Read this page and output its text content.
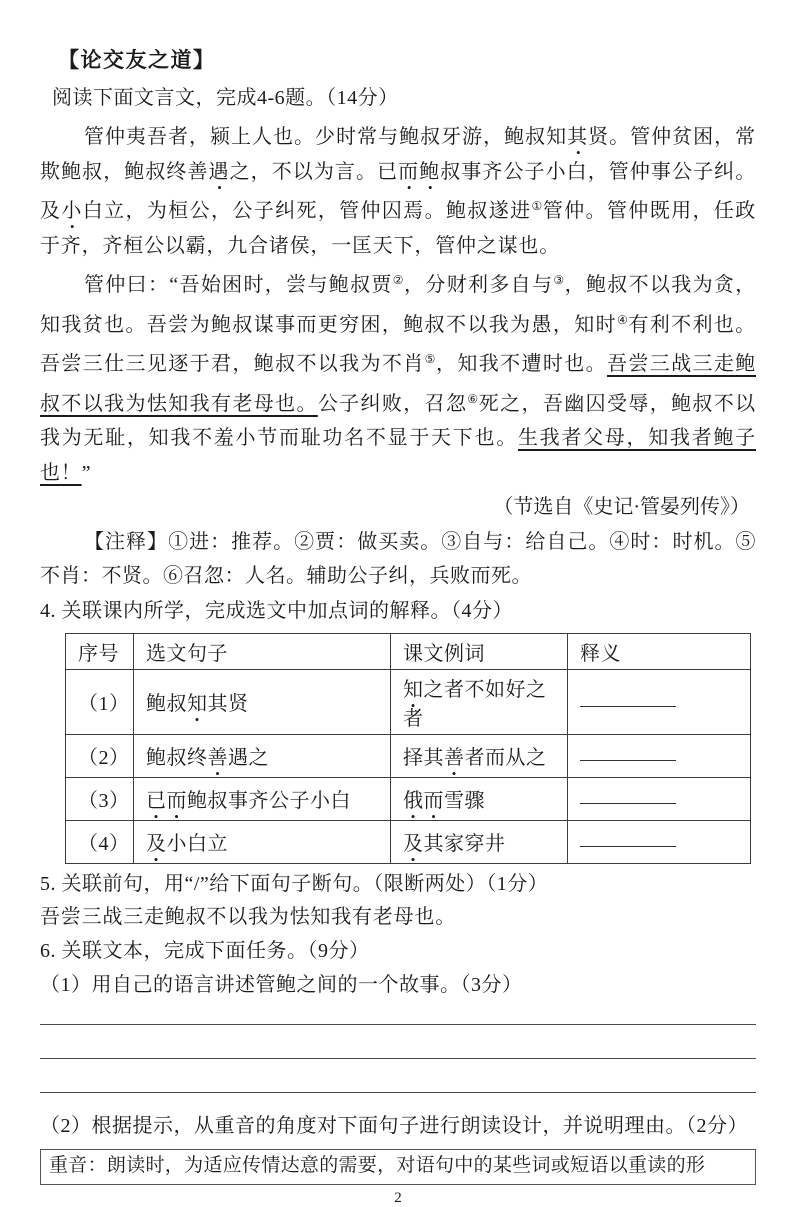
【论交友之道】

阅读下面文言文，完成4-6题。（14分）

管仲夷吾者，颍上人也。少时常与鲍叔牙游，鲍叔知其贤。管仲贫困，常欺鲍叔，鲍叔终善遇之，不以为言。已而鲍叔事齐公子小白，管仲事公子纠。及小白立，为桓公，公子纠死，管仲囚焉。鲍叔遂进①管仲。管仲既用，任政于齐，齐桓公以霸，九合诸侯，一匡天下，管仲之谋也。

管仲曰：“吾始困时，尝与鲍叔贾②，分财利多自与③，鲍叔不以我为贪，知我贫也。吾尝为鲍叔谋事而更穷困，鲍叔不以我为愚，知时④有利不利也。吾尝三仕三见逐于君，鲍叔不以我为不肖⑤，知我不遭时也。吾尝三战三走鲍叔不以我为怯知我有老母也。公子纠败，召忽⑥死之，吾幽囚受辱，鲍叔不以我为无耻，知我不羞小节而耻功名不显于天下也。生我者父母，知我者鲍子也！”

（节选自《史记·管晏列传》）

【注释】①进：推荐。②贾：做买卖。③自与：给自己。④时：时机。⑤不肖：不贤。⑥召忽：人名。辅助公子纠，兵败而死。

4. 关联课内所学，完成选文中加点词的解释。（4分）

序号	选文句子	课文例词	释义
（1）	鲍叔知其贤	知之者不如好之者	
（2）	鲍叔终善遇之	择其善者而从之	
（3）	已而鲍叔事齐公子小白	俄而雪骤	
（4）	及小白立	及其家穿井	

5. 关联前句，用“/”给下面句子断句。（限断两处）（1分）

吾尝三战三走鲍叔不以我为怯知我有老母也。

6. 关联文本，完成下面任务。（9分）

（1）用自己的语言讲述管鲍之间的一个故事。（3分）

（2）根据提示，从重音的角度对下面句子进行朗读设计，并说明理由。（2分）

重音：朗读时，为适应传情达意的需要，对语句中的某些词或短语以重读的形
2
